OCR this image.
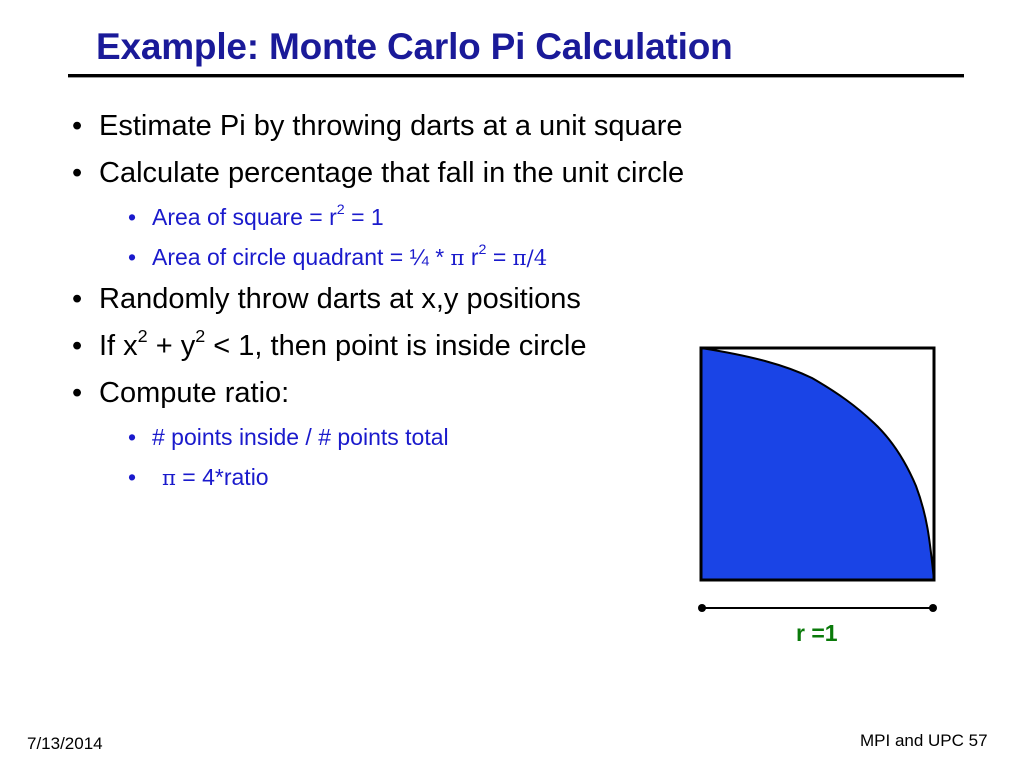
Example: Monte Carlo Pi Calculation
• Estimate Pi by throwing darts at a unit square
• Calculate percentage that fall in the unit circle
• Area of square = $r^2 = 1$
• Area of circle quadrant = ¼ * π $r^2 = \pi/4$
• Randomly throw darts at x,y positions
• If $x^2 + y^2 < 1$, then point is inside circle
• Compute ratio:
• # points inside / # points total
• π = 4*ratio
r =1
7/13/2014	MPI and UPC 57
